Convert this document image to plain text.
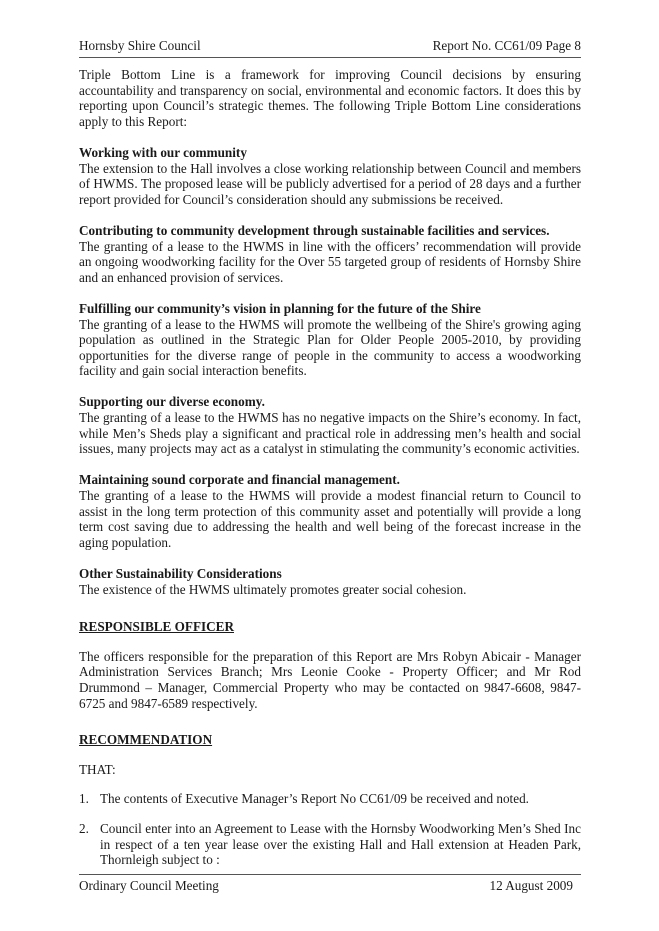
Hornsby Shire Council	Report No. CC61/09 Page 8

Triple Bottom Line is a framework for improving Council decisions by ensuring accountability and transparency on social, environmental and economic factors. It does this by reporting upon Council’s strategic themes. The following Triple Bottom Line considerations apply to this Report:

Working with our community

The extension to the Hall involves a close working relationship between Council and members of HWMS. The proposed lease will be publicly advertised for a period of 28 days and a further report provided for Council’s consideration should any submissions be received.

Contributing to community development through sustainable facilities and services.

The granting of a lease to the HWMS in line with the officers’ recommendation will provide an ongoing woodworking facility for the Over 55 targeted group of residents of Hornsby Shire and an enhanced provision of services.

Fulfilling our community’s vision in planning for the future of the Shire

The granting of a lease to the HWMS will promote the wellbeing of the Shire's growing aging population as outlined in the Strategic Plan for Older People 2005-2010, by providing opportunities for the diverse range of people in the community to access a woodworking facility and gain social interaction benefits.

Supporting our diverse economy.

The granting of a lease to the HWMS has no negative impacts on the Shire’s economy. In fact, while Men’s Sheds play a significant and practical role in addressing men’s health and social issues, many projects may act as a catalyst in stimulating the community’s economic activities.

Maintaining sound corporate and financial management.

The granting of a lease to the HWMS will provide a modest financial return to Council to assist in the long term protection of this community asset and potentially will provide a long term cost saving due to addressing the health and well being of the forecast increase in the aging population.

Other Sustainability Considerations

The existence of the HWMS ultimately promotes greater social cohesion.

RESPONSIBLE OFFICER

The officers responsible for the preparation of this Report are Mrs Robyn Abicair - Manager Administration Services Branch; Mrs Leonie Cooke - Property Officer; and Mr Rod Drummond – Manager, Commercial Property who may be contacted on 9847-6608, 9847-6725 and 9847-6589 respectively.

RECOMMENDATION

THAT:

1. The contents of Executive Manager’s Report No CC61/09 be received and noted.
2. Council enter into an Agreement to Lease with the Hornsby Woodworking Men’s Shed Inc in respect of a ten year lease over the existing Hall and Hall extension at Headen Park, Thornleigh subject to :
Ordinary Council Meeting	12 August 2009
